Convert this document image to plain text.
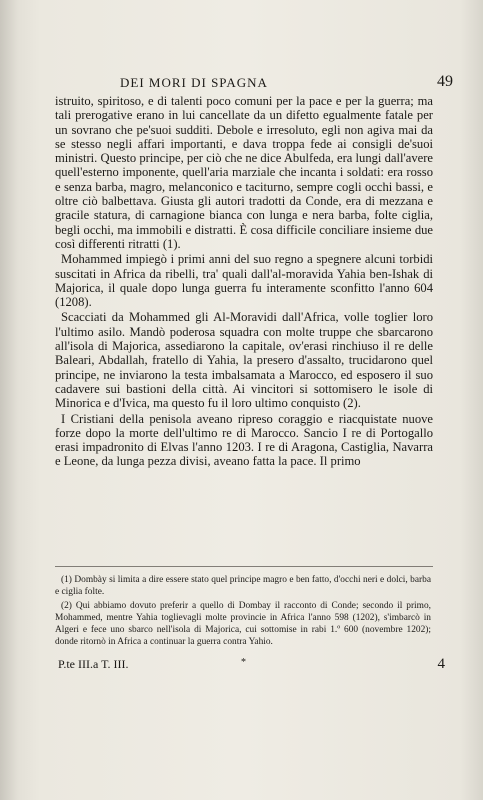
DEI MORI DI SPAGNA	49

istruito, spiritoso, e di talenti poco comuni per la pace e per la guerra; ma tali prerogative erano in lui cancellate da un difetto egualmente fatale per un sovrano che pe'suoi sudditi. Debole e irresoluto, egli non agiva mai da se stesso negli affari importanti, e dava troppa fede ai consigli de'suoi ministri. Questo principe, per ciò che ne dice Abulfeda, era lungi dall'avere quell'esterno imponente, quell'aria marziale che incanta i soldati: era rosso e senza barba, magro, melanconico e taciturno, sempre cogli occhi bassi, e oltre ciò balbettava. Giusta gli autori tradotti da Conde, era di mezzana e gracile statura, di carnagione bianca con lunga e nera barba, folte ciglia, begli occhi, ma immobili e distratti. È cosa difficile conciliare insieme due così differenti ritratti (1).

Mohammed impiegò i primi anni del suo regno a spegnere alcuni torbidi suscitati in Africa da ribelli, tra' quali dall'al-moravida Yahia ben-Ishak di Majorica, il quale dopo lunga guerra fu interamente sconfitto l'anno 604 (1208).

Scacciati da Mohammed gli Al-Moravidi dall'Africa, volle toglier loro l'ultimo asilo. Mandò poderosa squadra con molte truppe che sbarcarono all'isola di Majorica, assediarono la capitale, ov'erasi rinchiuso il re delle Baleari, Abdallah, fratello di Yahia, la presero d'assalto, trucidarono quel principe, ne inviarono la testa imbalsamata a Marocco, ed esposero il suo cadavere sui bastioni della città. Ai vincitori si sottomisero le isole di Minorica e d'Ivica, ma questo fu il loro ultimo conquisto (2).

I Cristiani della penisola aveano ripreso coraggio e riacquistate nuove forze dopo la morte dell'ultimo re di Marocco. Sancio I re di Portogallo erasi impadronito di Elvas l'anno 1203. I re di Aragona, Castiglia, Navarra e Leone, da lunga pezza divisi, aveano fatta la pace. Il primo

(1) Dombày si limita a dire essere stato quel principe magro e ben fatto, d'occhi neri e dolci, barba e ciglia folte.

(2) Qui abbiamo dovuto preferir a quello di Dombay il racconto di Conde; secondo il primo, Mohammed, mentre Yahia toglievagli molte provincie in Africa l'anno 598 (1202), s'imbarcò in Algeri e fece uno sbarco nell'isola di Majorica, cui sottomise in rabi 1.º 600 (novembre 1202); donde ritornò in Africa a continuar la guerra contra Yahio.

P.te III.a T. III.	*	4
